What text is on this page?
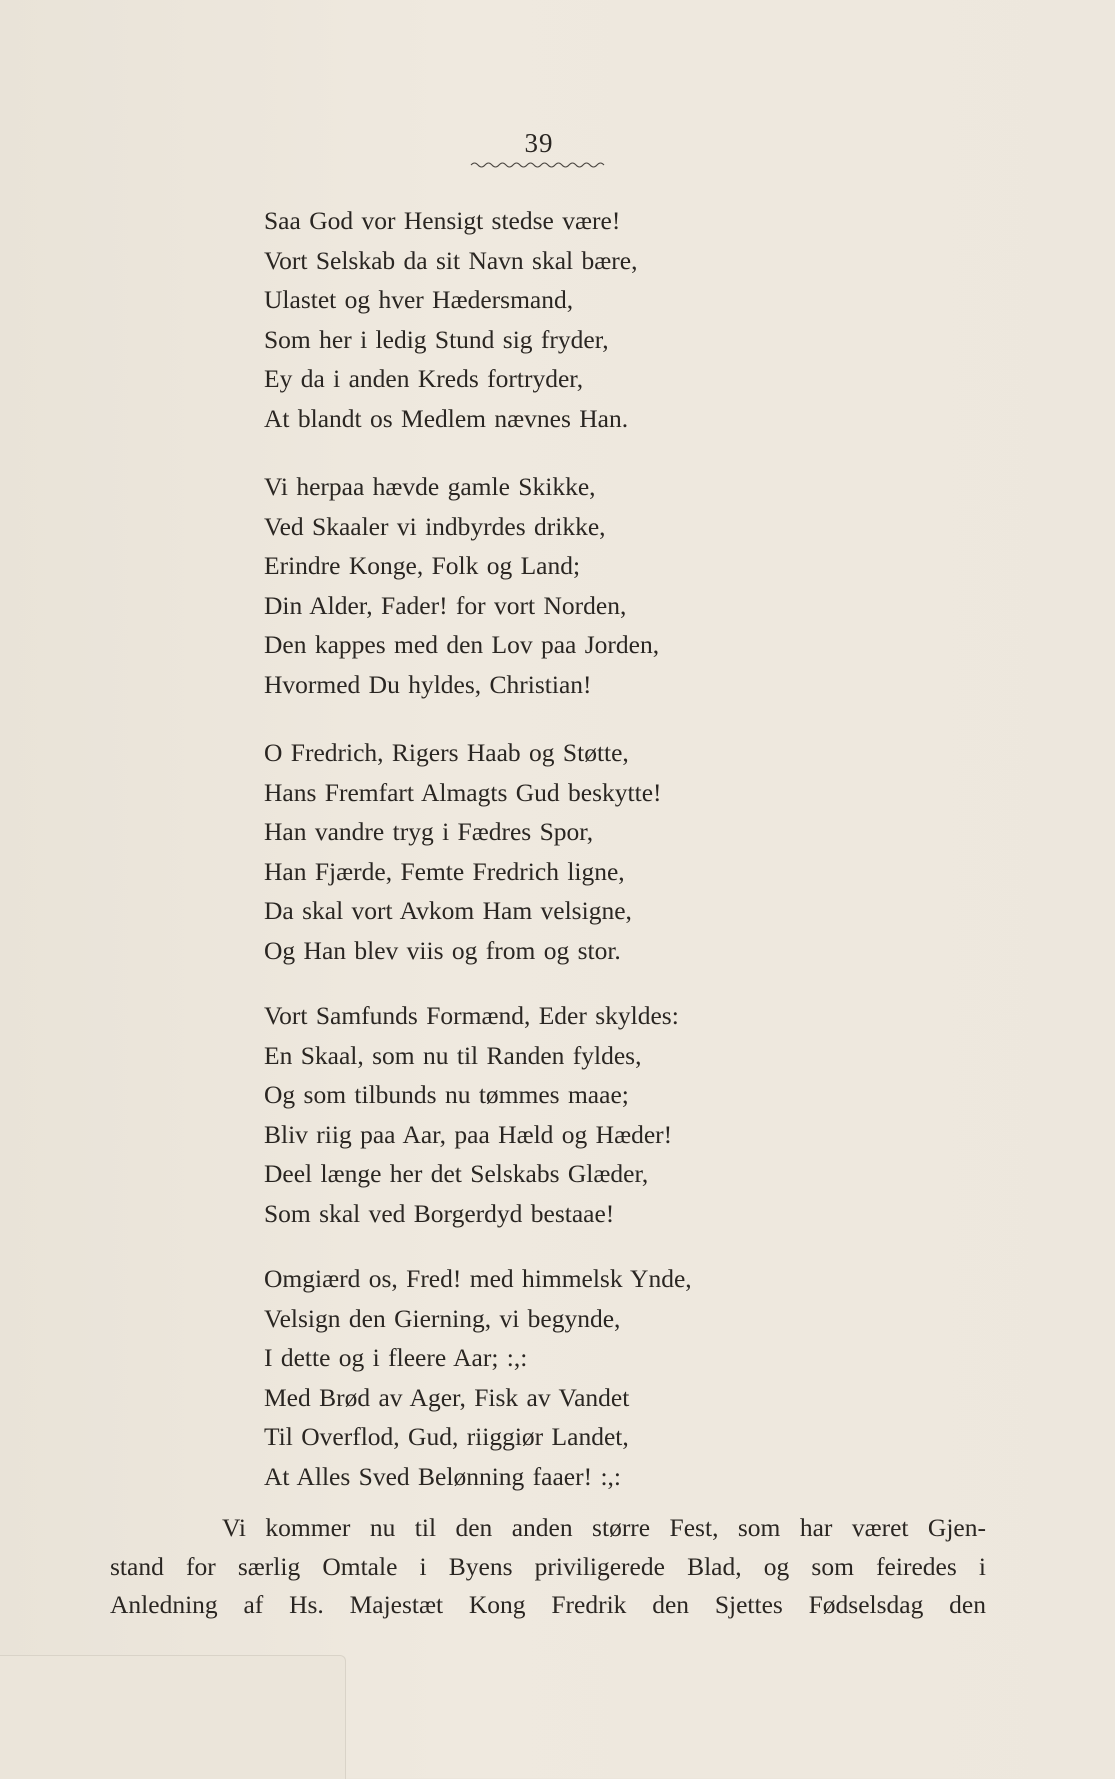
39
Saa God vor Hensigt stedse være!
Vort Selskab da sit Navn skal bære,
Ulastet og hver Hædersmand,
Som her i ledig Stund sig fryder,
Ey da i anden Kreds fortryder,
At blandt os Medlem nævnes Han.
Vi herpaa hævde gamle Skikke,
Ved Skaaler vi indbyrdes drikke,
Erindre Konge, Folk og Land;
Din Alder, Fader! for vort Norden,
Den kappes med den Lov paa Jorden,
Hvormed Du hyldes, Christian!
O Fredrich, Rigers Haab og Støtte,
Hans Fremfart Almagts Gud beskytte!
Han vandre tryg i Fædres Spor,
Han Fjærde, Femte Fredrich ligne,
Da skal vort Avkom Ham velsigne,
Og Han blev viis og from og stor.
Vort Samfunds Formænd, Eder skyldes:
En Skaal, som nu til Randen fyldes,
Og som tilbunds nu tømmes maae;
Bliv riig paa Aar, paa Hæld og Hæder!
Deel længe her det Selskabs Glæder,
Som skal ved Borgerdyd bestaae!
Omgiærd os, Fred! med himmelsk Ynde,
Velsign den Gierning, vi begynde,
I dette og i fleere Aar; :,:
Med Brød av Ager, Fisk av Vandet
Til Overflod, Gud, riiggiør Landet,
At Alles Sved Belønning faaer! :,:

Vi kommer nu til den anden større Fest, som har været Gjen-
stand for særlig Omtale i Byens priviligerede Blad, og som feiredes i
Anledning af Hs. Majestæt Kong Fredrik den Sjettes Fødselsdag den
